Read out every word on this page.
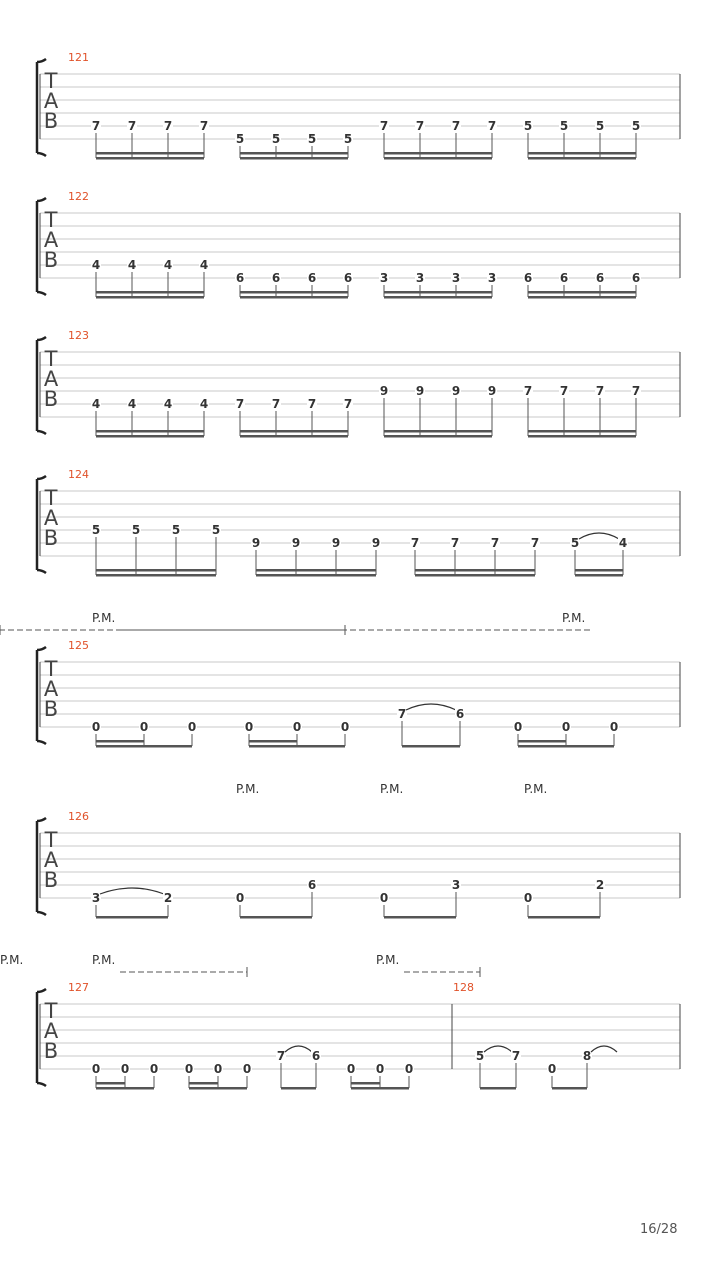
T
A
B
121
7 7 7 7
5 5 5 5
7 7 7 7 5 5 5 5
T
A
B
122
4 4 4 4
6 6 6 6 3 3 3 3 6 6 6 6
T
A
B
123
4 4 4 4 7 7 7 7
9 9 9 9 7 7 7 7
T
A
B
124
5	5	5	5
9	9	9	9	7	7	7	7	5	4
T
A
B
125
0	0	0	0	0	0
7	6
0	0	0
P.M.	P.M.
T
A
B
126
3	2	0
6
0
3
0
2
P.M.	P.M.	P.M.
T
A
B
127
0 0 0 0 0 0
7 6
0 0 0
128
5 7
0
8
P.M.	P.M.
P.M.
16/28
